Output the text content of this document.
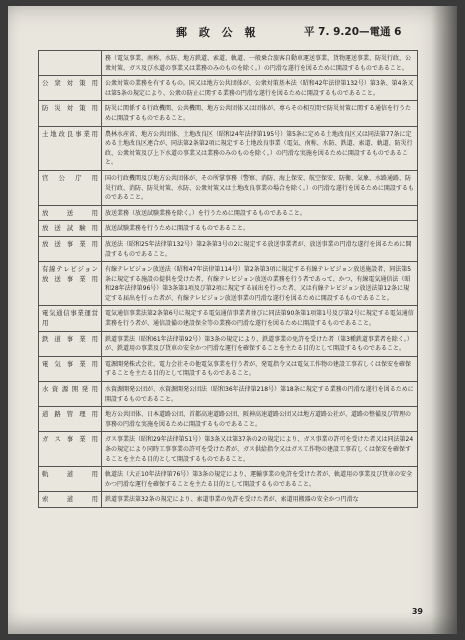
郵 政 公 報	平 7. 9.20—電通 6
	務（電気事業、南称、水防、地方鉄道、索道、軌道、一般乗合旅客自動車運送事業、貨物運送事業、防災行政、公衆対策、ガス及び水道の事業又は業務のみのものを除く。）の円滑な遂行を図るために開設するものであること。
公衆対策用	公衆対策の業務を有するもの。国又は地方公共団体が、公衆対策基本法（昭和42年法律第132号）第3条、第4条又は第5条の規定により、公衆の防止に関する業務の円滑な遂行を図るために開設するものであること。
防災対策用	防災に関係する行政機関、公共機関、地方公共団体又は団体が、専らその相互間で防災対策に関する通信を行うために開設するものであること。
土地改良事業用	農林水産省、地方公共団体、土地改良区（昭和24年法律第195号）第5条に定める土地改良区又は同法第77条に定める土地改良区連合が、同法第2条第2項に規定する土地改良事業（電気、南称、水防、鉄道、索道、軌道、防災行政、公衆対策及び上下水道の事業又は業務のみのものを除く。）の円滑な実施を図るために開設するものであること。
官公庁用	国の行政機関及び地方公共団体が、その所掌事務（警察、消防、海上保安、航空保安、防衛、気象、水路通路、防災行政、消防、防災対策、水防、公衆対策又は土地改良事業の場合を除く。）の円滑な遂行を図るために開設するものであること。
放送用	放送業務（放送試験業務を除く。）を行うために開設するものであること。
放送試験用	放送試験業務を行うために開設するものであること。
放送事業用	放送法（昭和25年法律第132号）第2条第3号の2に規定する放送事業者が、放送事業の円滑な遂行を図るために開設するものであること。
有線テレビジョン放送事業用	有線テレビジョン放送法（昭和47年法律第114号）第2条第3項に規定する有線テレビジョン放送施設者、同法第5条に規定する施設の提供を受けた者、有線テレビジョン放送の業務を行う者であって、かつ、有線電気通信法（昭和28年法律第96号）第3条第1項及び第2項に規定する届出を行った者、又は有線テレビジョン放送法第12条に規定する届出を行った者が、有線テレビジョン放送事業の円滑な遂行を図るために開設するものであること。
電気通信事業運営用	電気通信事業法第2条第6号に規定する電気通信事業者並びに同法第90条第1項第1号及び第2号に規定する電気通信業務を行う者が、通信設備の建設保全等の業務の円滑な遂行を図るために開設するものであること。
鉄道事業用	鉄道事業法（昭和61年法律第92号）第3条の規定により、鉄道事業の免許を受けた者（第3種鉄道事業者を除く。）が、鉄道用の事業及び貨車の安全かつ円滑な運行を確保することを主たる目的として開設するものであること。
電気事業用	電源開発株式会社、電力会社その他電気事業を行う者が、発電指令又は電気工作物の建設工事若しくは保安を確保することを主たる目的として開設するものであること。
水資源開発用	水資源開発公団が、水資源開発公団法（昭和36年法律第218号）第18条に規定する業務の円滑な遂行を図るために開設するものであること。
道路管理用	地方公共団体、日本道路公団、首都高速道路公団、阪神高速道路公団又は地方道路公社が、道路の整備及び管理の事務の円滑な実施を図るために開設するものであること。
ガス事業用	ガス事業法（昭和29年法律第51号）第3条又は第37条の2の規定により、ガス事業の許可を受けた者又は同法第24条の規定により同時工事事業の許可を受けた者が、ガス供給指令又はガス工作物の建設工事若しくは保安を確保することを主たる目的として開設するものであること。
軌道用	軌道法（大正10年法律第76号）第3条の規定により、運輸事業の免許を受けた者が、軌道用の事業及び貨車の安全かつ円滑な運行を確保することを主たる目的として開設するものであること。
索道用	鉄道事業法第32条の規定により、索道事業の免許を受けた者が、索道用搬器の安全かつ円滑な
39
